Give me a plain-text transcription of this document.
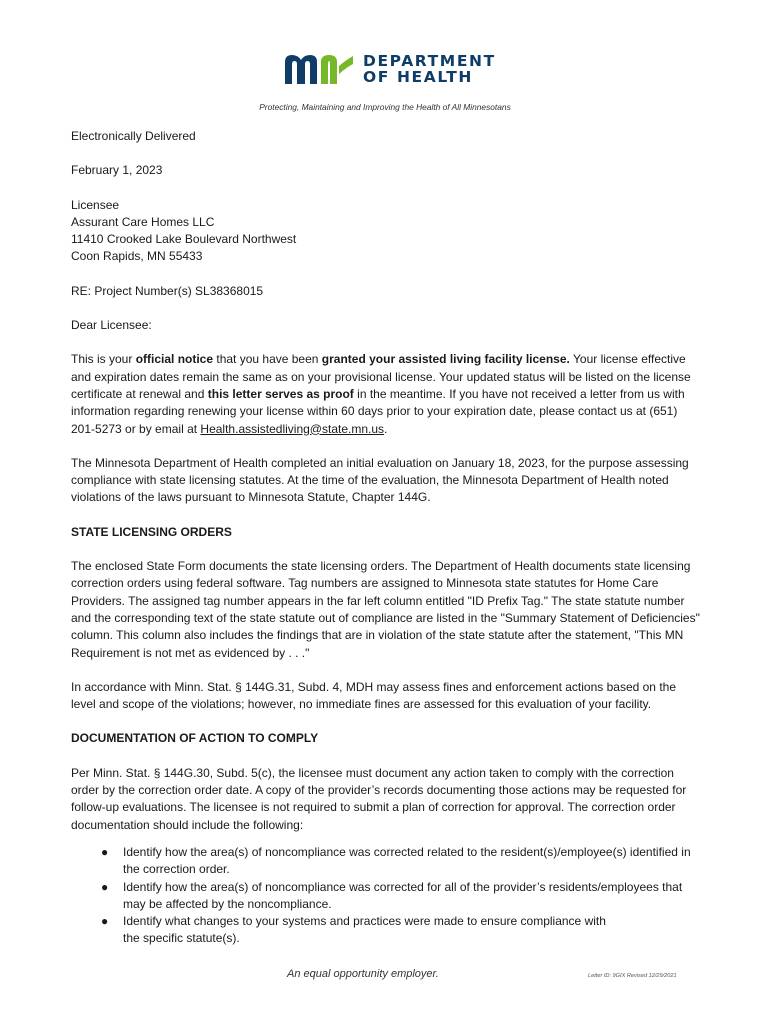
DEPARTMENT
OF HEALTH
Protecting, Maintaining and Improving the Health of All Minnesotans

Electronically Delivered

February 1, 2023

Licensee
Assurant Care Homes LLC
11410 Crooked Lake Boulevard Northwest
Coon Rapids, MN 55433

RE: Project Number(s) SL38368015

Dear Licensee:

This is your official notice that you have been granted your assisted living facility license. Your license effective and expiration dates remain the same as on your provisional license. Your updated status will be listed on the license certificate at renewal and this letter serves as proof in the meantime. If you have not received a letter from us with information regarding renewing your license within 60 days prior to your expiration date, please contact us at (651) 201-5273 or by email at Health.assistedliving@state.mn.us.

The Minnesota Department of Health completed an initial evaluation on January 18, 2023, for the purpose assessing compliance with state licensing statutes. At the time of the evaluation, the Minnesota Department of Health noted violations of the laws pursuant to Minnesota Statute, Chapter 144G.

STATE LICENSING ORDERS

The enclosed State Form documents the state licensing orders. The Department of Health documents state licensing correction orders using federal software. Tag numbers are assigned to Minnesota state statutes for Home Care Providers. The assigned tag number appears in the far left column entitled "ID Prefix Tag." The state statute number and the corresponding text of the state statute out of compliance are listed in the "Summary Statement of Deficiencies" column. This column also includes the findings that are in violation of the state statute after the statement, "This MN Requirement is not met as evidenced by . . ."

In accordance with Minn. Stat. § 144G.31, Subd. 4, MDH may assess fines and enforcement actions based on the level and scope of the violations; however, no immediate fines are assessed for this evaluation of your facility.

DOCUMENTATION OF ACTION TO COMPLY

Per Minn. Stat. § 144G.30, Subd. 5(c), the licensee must document any action taken to comply with the correction order by the correction order date. A copy of the provider’s records documenting those actions may be requested for follow-up evaluations. The licensee is not required to submit a plan of correction for approval. The correction order documentation should include the following:

● Identify how the area(s) of noncompliance was corrected related to the resident(s)/employee(s) identified in the correction order.
● Identify how the area(s) of noncompliance was corrected for all of the provider’s residents/employees that may be affected by the noncompliance.
● Identify what changes to your systems and practices were made to ensure compliance with the specific statute(s).
An equal opportunity employer.	Letter ID: 9GIX Revised 12/29/2021
